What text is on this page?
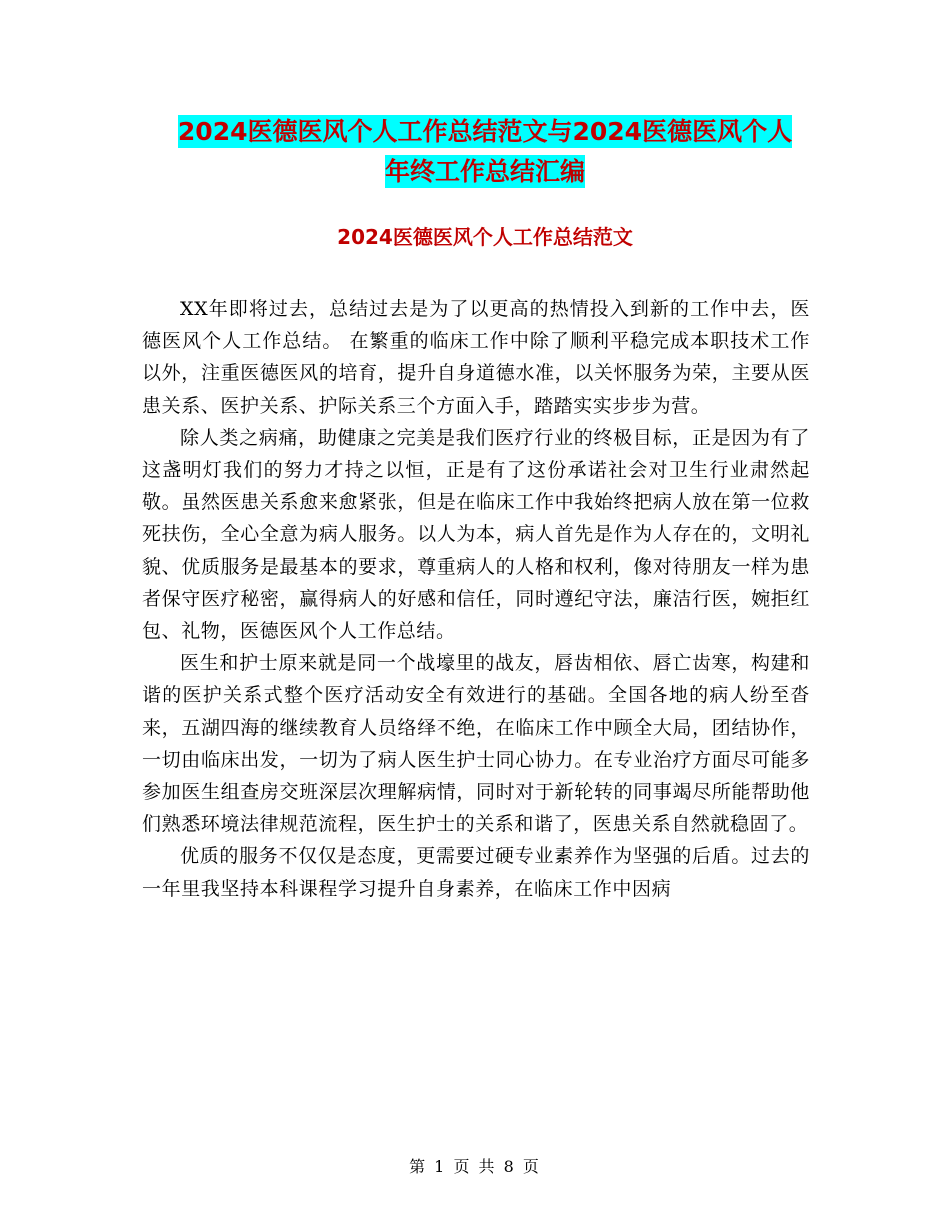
2024医德医风个人工作总结范文与2024医德医风个人
年终工作总结汇编
2024医德医风个人工作总结范文

XX年即将过去，总结过去是为了以更高的热情投入到新的工作中去，医德医风个人工作总结。 在繁重的临床工作中除了顺利平稳完成本职技术工作以外，注重医德医风的培育，提升自身道德水准，以关怀服务为荣，主要从医患关系、医护关系、护际关系三个方面入手，踏踏实实步步为营。

除人类之病痛，助健康之完美是我们医疗行业的终极目标，正是因为有了这盏明灯我们的努力才持之以恒，正是有了这份承诺社会对卫生行业肃然起敬。虽然医患关系愈来愈紧张，但是在临床工作中我始终把病人放在第一位救死扶伤，全心全意为病人服务。以人为本，病人首先是作为人存在的，文明礼貌、优质服务是最基本的要求，尊重病人的人格和权利，像对待朋友一样为患者保守医疗秘密，赢得病人的好感和信任，同时遵纪守法，廉洁行医，婉拒红包、礼物，医德医风个人工作总结。

医生和护士原来就是同一个战壕里的战友，唇齿相依、唇亡齿寒，构建和谐的医护关系式整个医疗活动安全有效进行的基础。全国各地的病人纷至沓来，五湖四海的继续教育人员络绎不绝，在临床工作中顾全大局，团结协作，一切由临床出发，一切为了病人医生护士同心协力。在专业治疗方面尽可能多参加医生组查房交班深层次理解病情，同时对于新轮转的同事竭尽所能帮助他们熟悉环境法律规范流程，医生护士的关系和谐了，医患关系自然就稳固了。

优质的服务不仅仅是态度，更需要过硬专业素养作为坚强的后盾。过去的一年里我坚持本科课程学习提升自身素养，在临床工作中因病

第 1 页 共 8 页
